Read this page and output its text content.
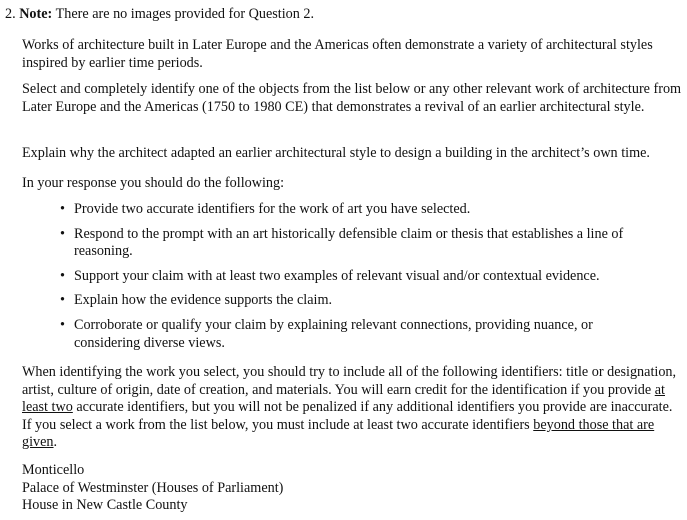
2. Note: There are no images provided for Question 2.

Works of architecture built in Later Europe and the Americas often demonstrate a variety of architectural styles inspired by earlier time periods.

Select and completely identify one of the objects from the list below or any other relevant work of architecture from Later Europe and the Americas (1750 to 1980 CE) that demonstrates a revival of an earlier architectural style.

Explain why the architect adapted an earlier architectural style to design a building in the architect’s own time.

In your response you should do the following:

• Provide two accurate identifiers for the work of art you have selected.
• Respond to the prompt with an art historically defensible claim or thesis that establishes a line of reasoning.
• Support your claim with at least two examples of relevant visual and/or contextual evidence.
• Explain how the evidence supports the claim.
• Corroborate or qualify your claim by explaining relevant connections, providing nuance, or considering diverse views.

When identifying the work you select, you should try to include all of the following identifiers: title or designation, artist, culture of origin, date of creation, and materials. You will earn credit for the identification if you provide at least two accurate identifiers, but you will not be penalized if any additional identifiers you provide are inaccurate. If you select a work from the list below, you must include at least two accurate identifiers beyond those that are given.

Monticello
Palace of Westminster (Houses of Parliament)
House in New Castle County
